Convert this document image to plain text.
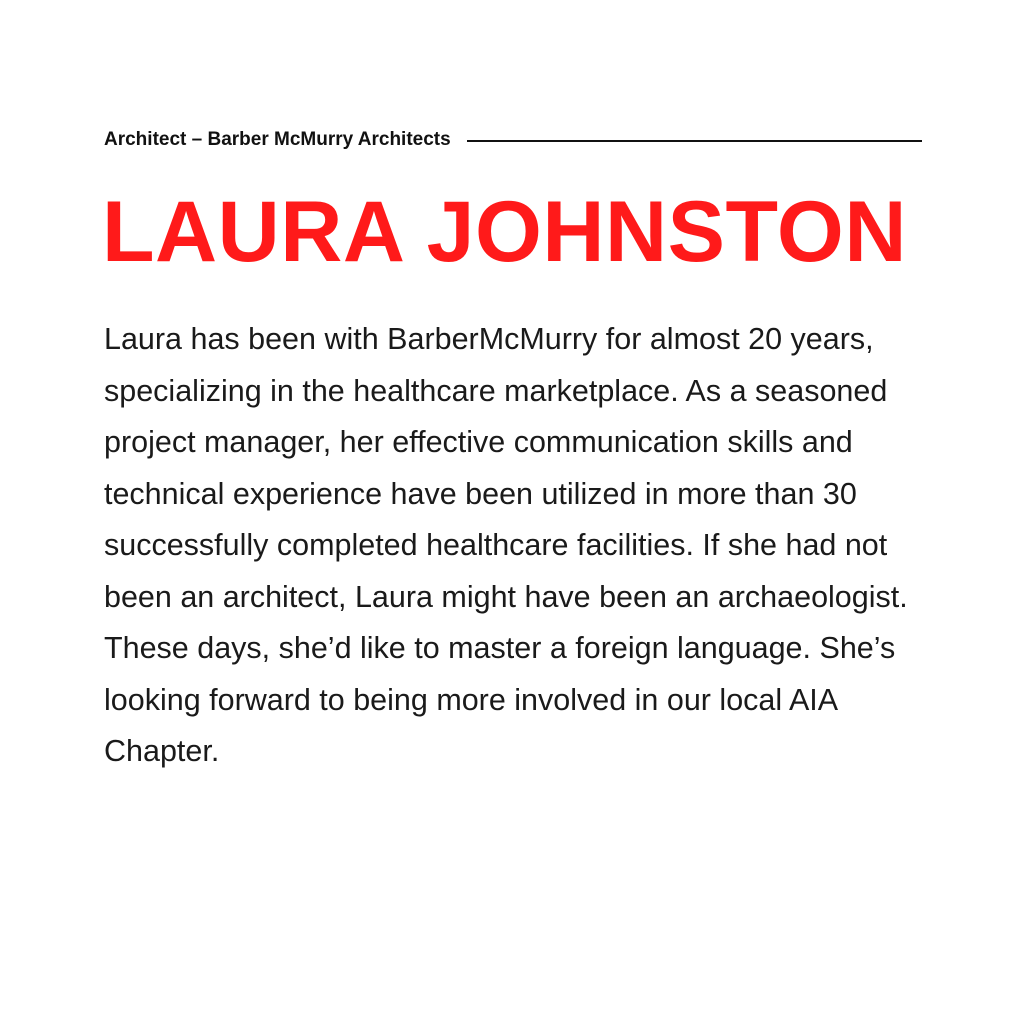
Architect – Barber McMurry Architects
LAURA JOHNSTON

Laura has been with BarberMcMurry for almost 20 years, specializing in the healthcare marketplace. As a seasoned project manager, her effective communication skills and technical experience have been utilized in more than 30 successfully completed healthcare facilities. If she had not been an architect, Laura might have been an archaeologist. These days, she’d like to master a foreign language. She’s looking forward to being more involved in our local AIA Chapter.
